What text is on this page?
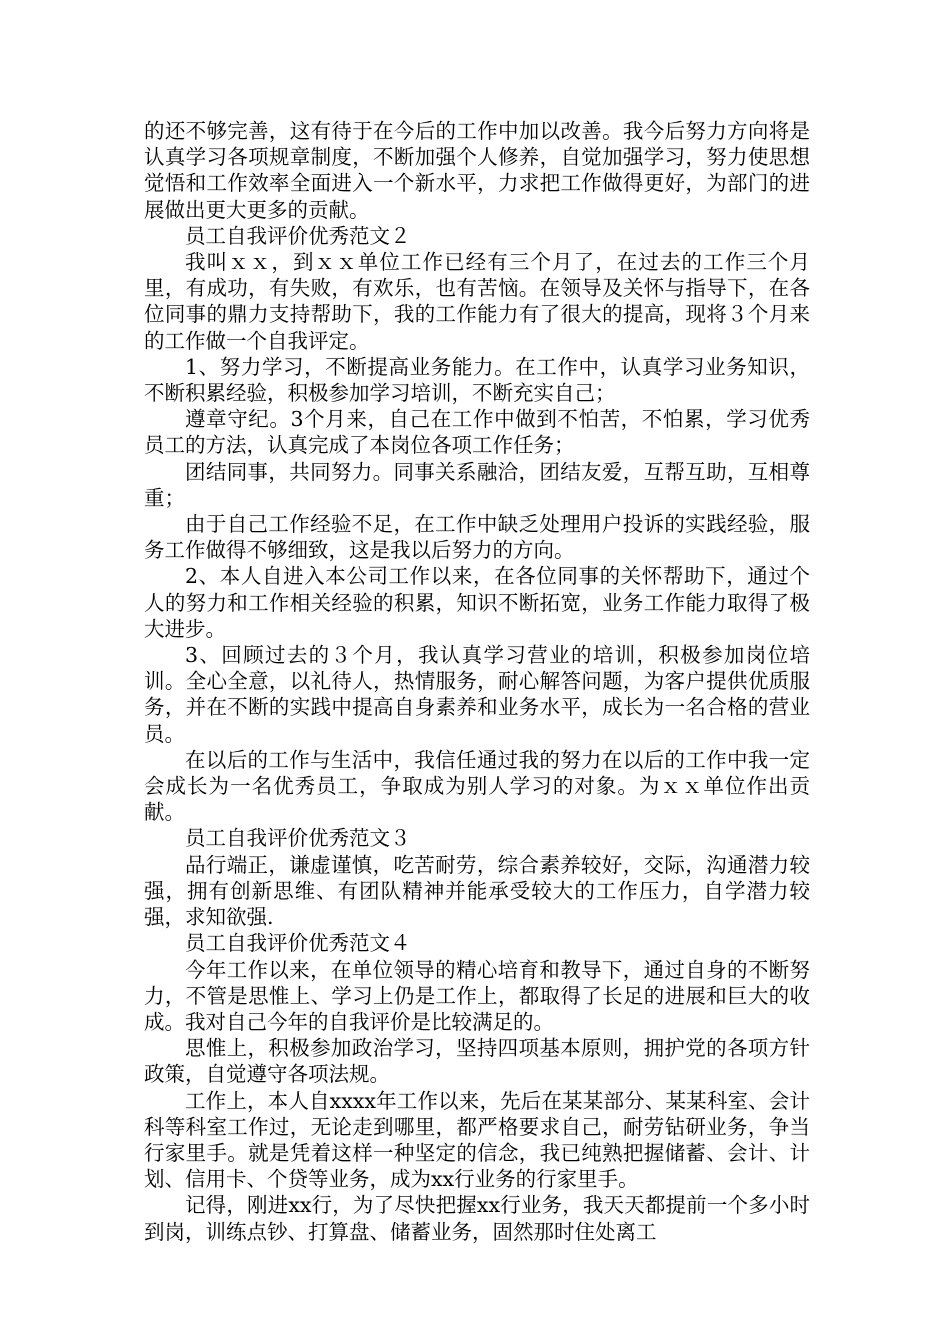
的还不够完善，这有待于在今后的工作中加以改善。我今后努力方向将是认真学习各项规章制度，不断加强个人修养，自觉加强学习，努力使思想觉悟和工作效率全面进入一个新水平，力求把工作做得更好，为部门的进展做出更大更多的贡献。

员工自我评价优秀范文２

我叫ｘｘ，到ｘｘ单位工作已经有三个月了，在过去的工作三个月里，有成功，有失败，有欢乐，也有苦恼。在领导及关怀与指导下，在各位同事的鼎力支持帮助下，我的工作能力有了很大的提高，现将３个月来的工作做一个自我评定。

1、努力学习，不断提高业务能力。在工作中，认真学习业务知识，不断积累经验，积极参加学习培训，不断充实自己；

遵章守纪。3个月来，自己在工作中做到不怕苦，不怕累，学习优秀员工的方法，认真完成了本岗位各项工作任务；

团结同事，共同努力。同事关系融洽，团结友爱，互帮互助，互相尊重；

由于自己工作经验不足，在工作中缺乏处理用户投诉的实践经验，服务工作做得不够细致，这是我以后努力的方向。

2、本人自进入本公司工作以来，在各位同事的关怀帮助下，通过个人的努力和工作相关经验的积累，知识不断拓宽，业务工作能力取得了极大进步。

3、回顾过去的３个月，我认真学习营业的培训，积极参加岗位培训。全心全意，以礼待人，热情服务，耐心解答问题，为客户提供优质服务，并在不断的实践中提高自身素养和业务水平，成长为一名合格的营业员。

在以后的工作与生活中，我信任通过我的努力在以后的工作中我一定会成长为一名优秀员工，争取成为别人学习的对象。为ｘｘ单位作出贡献。

员工自我评价优秀范文３

品行端正，谦虚谨慎，吃苦耐劳，综合素养较好，交际，沟通潜力较强，拥有创新思维、有团队精神并能承受较大的工作压力，自学潜力较强，求知欲强.

员工自我评价优秀范文４

今年工作以来，在单位领导的精心培育和教导下，通过自身的不断努力，不管是思惟上、学习上仍是工作上，都取得了长足的进展和巨大的收成。我对自己今年的自我评价是比较满足的。

思惟上，积极参加政治学习，坚持四项基本原则，拥护党的各项方针政策，自觉遵守各项法规。

工作上，本人自xxxx年工作以来，先后在某某部分、某某科室、会计科等科室工作过，无论走到哪里，都严格要求自己，耐劳钻研业务，争当行家里手。就是凭着这样一种坚定的信念，我已纯熟把握储蓄、会计、计划、信用卡、个贷等业务，成为xx行业务的行家里手。

记得，刚进xx行，为了尽快把握xx行业务，我天天都提前一个多小时到岗，训练点钞、打算盘、储蓄业务，固然那时住处离工
